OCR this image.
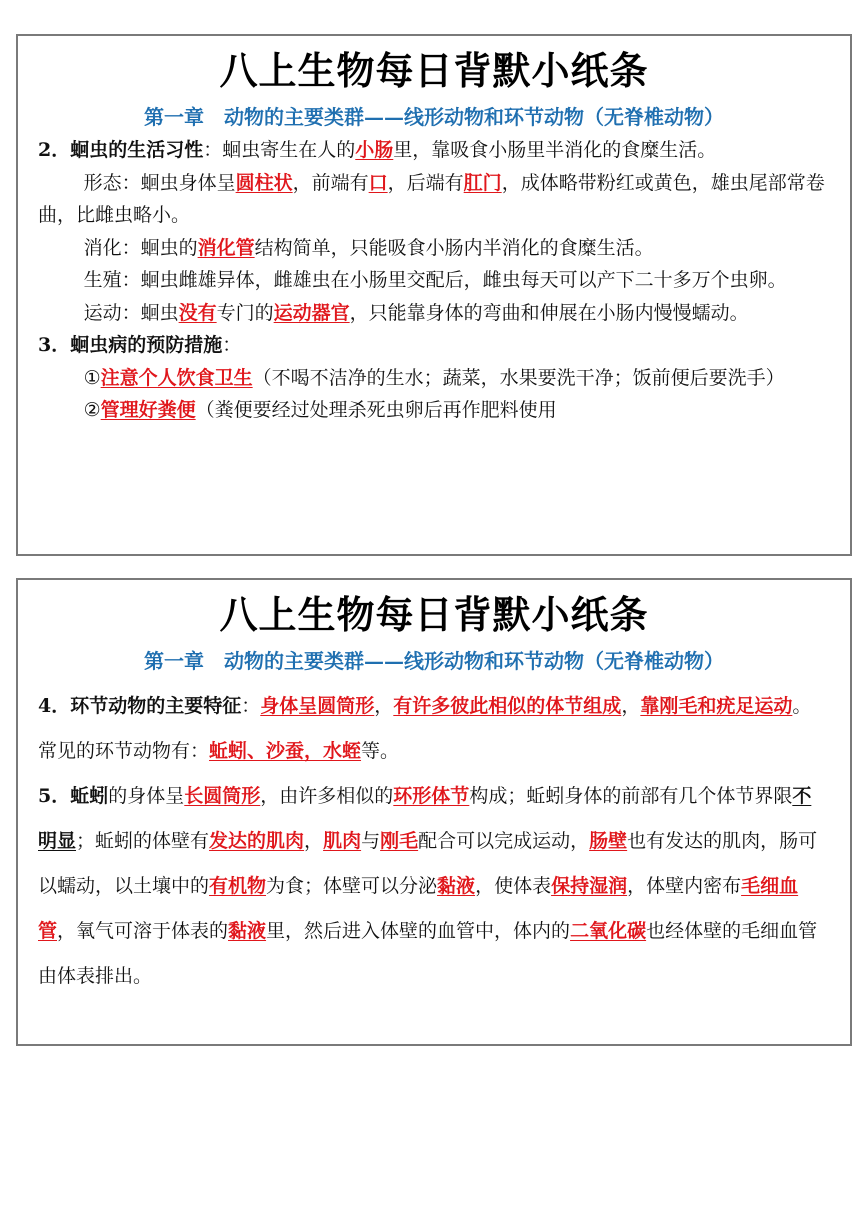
八上生物每日背默小纸条
第一章　动物的主要类群——线形动物和环节动物（无脊椎动物）

2．蛔虫的生活习性：蛔虫寄生在人的小肠里，靠吸食小肠里半消化的食糜生活。

形态：蛔虫身体呈圆柱状，前端有口，后端有肛门，成体略带粉红或黄色，雄虫尾部常卷曲，比雌虫略小。

消化：蛔虫的消化管结构简单，只能吸食小肠内半消化的食糜生活。

生殖：蛔虫雌雄异体，雌雄虫在小肠里交配后，雌虫每天可以产下二十多万个虫卵。

运动：蛔虫没有专门的运动器官，只能靠身体的弯曲和伸展在小肠内慢慢蠕动。

3．蛔虫病的预防措施：

①注意个人饮食卫生（不喝不洁净的生水；蔬菜，水果要洗干净；饭前便后要洗手）

②管理好粪便（粪便要经过处理杀死虫卵后再作肥料使用

八上生物每日背默小纸条
第一章　动物的主要类群——线形动物和环节动物（无脊椎动物）

4．环节动物的主要特征：身体呈圆筒形，有许多彼此相似的体节组成，靠刚毛和疣足运动。常见的环节动物有：蚯蚓、沙蚕，水蛭等。

5．蚯蚓的身体呈长圆筒形，由许多相似的环形体节构成；蚯蚓身体的前部有几个体节界限不明显；蚯蚓的体壁有发达的肌肉，肌肉与刚毛配合可以完成运动，肠壁也有发达的肌肉，肠可以蠕动，以土壤中的有机物为食；体壁可以分泌黏液，使体表保持湿润，体壁内密布毛细血管，氧气可溶于体表的黏液里，然后进入体壁的血管中，体内的二氧化碳也经体壁的毛细血管由体表排出。
